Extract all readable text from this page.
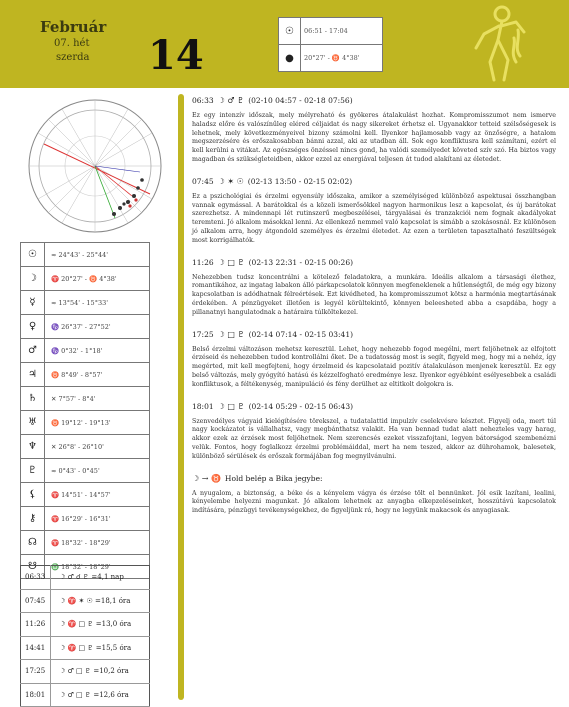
Február
07. hét
szerda 14
☉	06:51 - 17:04
●	20°27' - ♉ 4°38'
☉	≈ 24°43' - 25°44'
☽	♈ 20°27' - ♉ 4°38'
☿	≈ 13°54' - 15°33'
♀	♑ 26°37' - 27°52'
♂	♑ 0°32' - 1°18'
♃	♉ 8°49' - 8°57'
♄	✕ 7°57' - 8°4'
♅	♉ 19°12' - 19°13'
♆	✕ 26°8' - 26°10'
♇	≈ 0°43' - 0°45'
⚸	♈ 14°51' - 14°57'
⚷	♈ 16°29' - 16°31'
☊	♈ 18°32' - 18°29'
☋	♎ 18°32' - 18°29'
06:33	☽ ♂ ☌ ♇ =4,1 nap
07:45	☽ ♈ ✶ ☉ =18,1 óra
11:26	☽ ♈ □ ♇ =13,0 óra
14:41	☽ ♈ □ ♇ =15,5 óra
17:25	☽ ♂ □ ♇ =10,2 óra
18:01	☽ ♂ □ ♇ =12,6 óra
06:33 ☽ ♂ ♇ (02-10 04:57 - 02-18 07:56)
Ez egy intenzív időszak, mely mélyreható és gyökeres átalakulást hozhat. Kompromisszumot nem ismerve haladsz előre és valószínűleg eléred céljaidat és nagy sikereket érhetsz el. Ugyanakkor tetteid szélsőségesek is lehetnek, mely következményeivel bizony számolni kell. Ilyenkor hajlamosabb vagy az önzőségre, a hatalom megszerzésére és erőszakosabban bánni azzal, aki az utadban áll. Sok ego konfliktusra kell számítani, ezért el kell kerülni a vitákat. Az egészséges önzéssel nincs gond, ha valódi személyedet követed szív szó. Ha biztos vagy magadban és szükségleteidben, akkor ezzel az energiával teljesen át tudod alakítani az életedet.
07:45 ☽ ✶ ☉ (02-13 13:50 - 02-15 02:02)
Ez a pszichológiai és érzelmi egyensúly időszaka, amikor a személyiséged különböző aspektusai összhangban vannak egymással. A barátokkal és a közeli ismerősökkel nagyon harmonikus lesz a kapcsolat, és új barátokat szerezhetsz. A mindennapi lét rutinszerű megbeszélései, tárgyalásai és tranzakciói nem fognak akadályokat teremteni. Jó alkalom másokkal lenni. Az ellenkező nemmel való kapcsolat is simább a szokásosnál. Ez különösen jó alkalom arra, hogy átgondold személyes és érzelmi életedet. Az ezen a területen tapasztalható feszültségek most korrigálhatók.
11:26 ☽ □ ♇ (02-13 22:31 - 02-15 00:26)
Nehezebben tudsz koncentrálni a kötelező feladatokra, a munkára. Ideális alkalom a társasági élethez, romantikához, az ingatag labakon álló párkapcsolatok könnyen megfeneklenek a hűtlenségtől, de még egy bizony kapcsolatban is adódhatnak félreértések. Ezt kivédheted, ha kompromisszumot kötsz a harmónia megtartásának érdekében. A pénzügyeket illetően is legyél körültekintő, könnyen beleesheted abba a csapdába, hogy a pillanatnyi hangulatodnak a határaira túlköltekezel.
17:25 ☽ □ ♇ (02-14 07:14 - 02-15 03:41)
Belső érzelmi változáson mehetsz keresztül. Lehet, hogy nehezebb fogod megélni, mert feljöhetnek az elfojtott érzéseid és nehezebben tudod kontrollálni őket. De a tudatosság most is segít, figyeld meg, hogy mi a nehéz, így megérted, mit kell megfejteni, hogy érzelmeid és kapcsolataid pozitív átalakuláson menjenek keresztül. Ez egy belső változás, mely gyógyító hatású és kézzelfogható eredménye lesz. Ilyenkor egyébként esélyesebbek a családi konfliktusok, a féltékenység, manipuláció és fény derülhet az eltitkolt dolgokra is.
18:01 ☽ □ ♇ (02-14 05:29 - 02-15 06:43)
Szenvedélyes vágyaid kielégítésére törekszel, a tudatalattid impulzív cselekvésre késztet. Figyelj oda, mert túl nagy kockázatot is vállalhatsz, vagy megbánthatsz valakit. Ha van bennad tudat alatt nehezteles vagy harag, akkor ezek az érzések most feljöhetnek. Nem szerencsés ezeket visszafojtani, legyen bátorságod szembenézni velük. Fontos, hogy foglalkozz érzelmi problémáiddal, mert ha nem teszed, akkor az dührohamok, balesetek, különböző sérülések és erőszak formájában fog megnyilvánulni.
☽ → ♉ Hold belép a Bika jegybe:
A nyugalom, a biztonság, a béke és a kényelem vágya és érzése tölt el bennünket. Jól esik lazítani, lealini, kényelembe helyezni magunkat. Jó alkalom lehetnek az anyagba elkepzeléseinket, hosszútávú kapcsolatok indítására, pénzügyi tevékenységekhez, de figyeljünk rá, hogy ne legyünk makacsok és anyagiasak.
